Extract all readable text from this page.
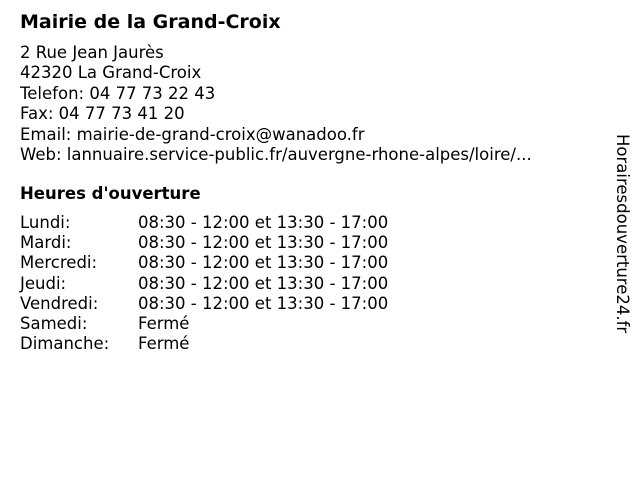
Mairie de la Grand-Croix
2 Rue Jean Jaurès
42320 La Grand-Croix
Telefon: 04 77 73 22 43
Fax: 04 77 73 41 20
Email: mairie-de-grand-croix@wanadoo.fr
Web: lannuaire.service-public.fr/auvergne-rhone-alpes/loire/...
Heures d'ouverture
Lundi:	08:30 - 12:00 et 13:30 - 17:00
Mardi:	08:30 - 12:00 et 13:30 - 17:00
Mercredi: 08:30 - 12:00 et 13:30 - 17:00
Jeudi:	08:30 - 12:00 et 13:30 - 17:00
Vendredi: 08:30 - 12:00 et 13:30 - 17:00
Samedi:	Fermé
Dimanche: Fermé
Horairesdouverture24.fr
